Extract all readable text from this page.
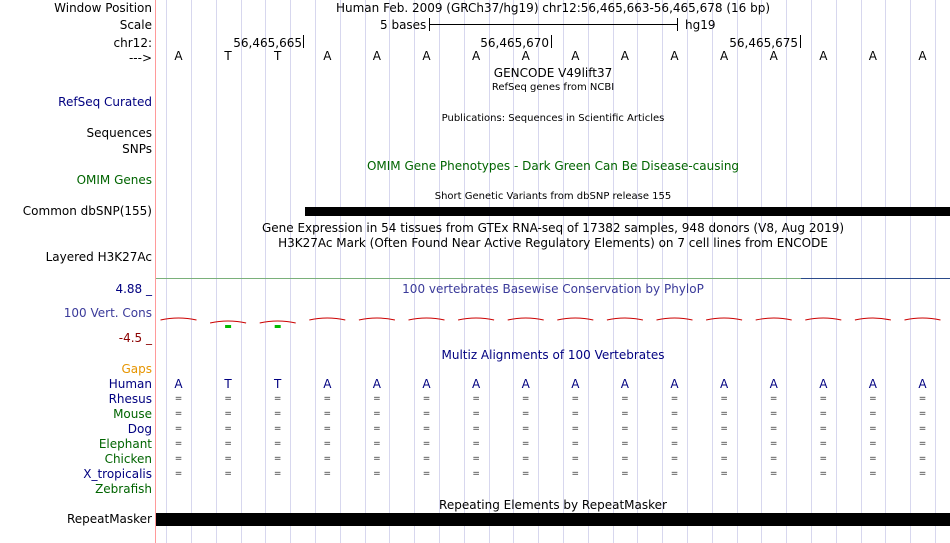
Window Position	Human Feb. 2009 (GRCh37/hg19) chr12:56,465,663-56,465,678 (16 bp)
Scale	5 bases	hg19
chr12:	56,465,665	56,465,670	56,465,675
--->	A	T	T	A	A	A	A	A	A	A	A	A	A	A	A	A
GENCODE V49lift37
RefSeq genes from NCBI
RefSeq Curated
Publications: Sequences in Scientific Articles
Sequences
SNPs
OMIM Gene Phenotypes - Dark Green Can Be Disease-causing
OMIM Genes
Short Genetic Variants from dbSNP release 155
Common dbSNP(155)
Gene Expression in 54 tissues from GTEx RNA-seq of 17382 samples, 948 donors (V8, Aug 2019)
H3K27Ac Mark (Often Found Near Active Regulatory Elements) on 7 cell lines from ENCODE
Layered H3K27Ac
4.88 _	100 vertebrates Basewise Conservation by PhyloP
100 Vert. Cons
-4.5 _
Multiz Alignments of 100 Vertebrates
Gaps
Human	A	T	T	A	A	A	A	A	A	A	A	A	A	A	A	A
Rhesus	=	=	=	=	=	=	=	=	=	=	=	=	=	=	=	=
Mouse	=	=	=	=	=	=	=	=	=	=	=	=	=	=	=	=
Dog	=	=	=	=	=	=	=	=	=	=	=	=	=	=	=	=
Elephant	=	=	=	=	=	=	=	=	=	=	=	=	=	=	=	=
Chicken	=	=	=	=	=	=	=	=	=	=	=	=	=	=	=	=
X_tropicalis	=	=	=	=	=	=	=	=	=	=	=	=	=	=	=	=
Zebrafish
Repeating Elements by RepeatMasker
RepeatMasker
